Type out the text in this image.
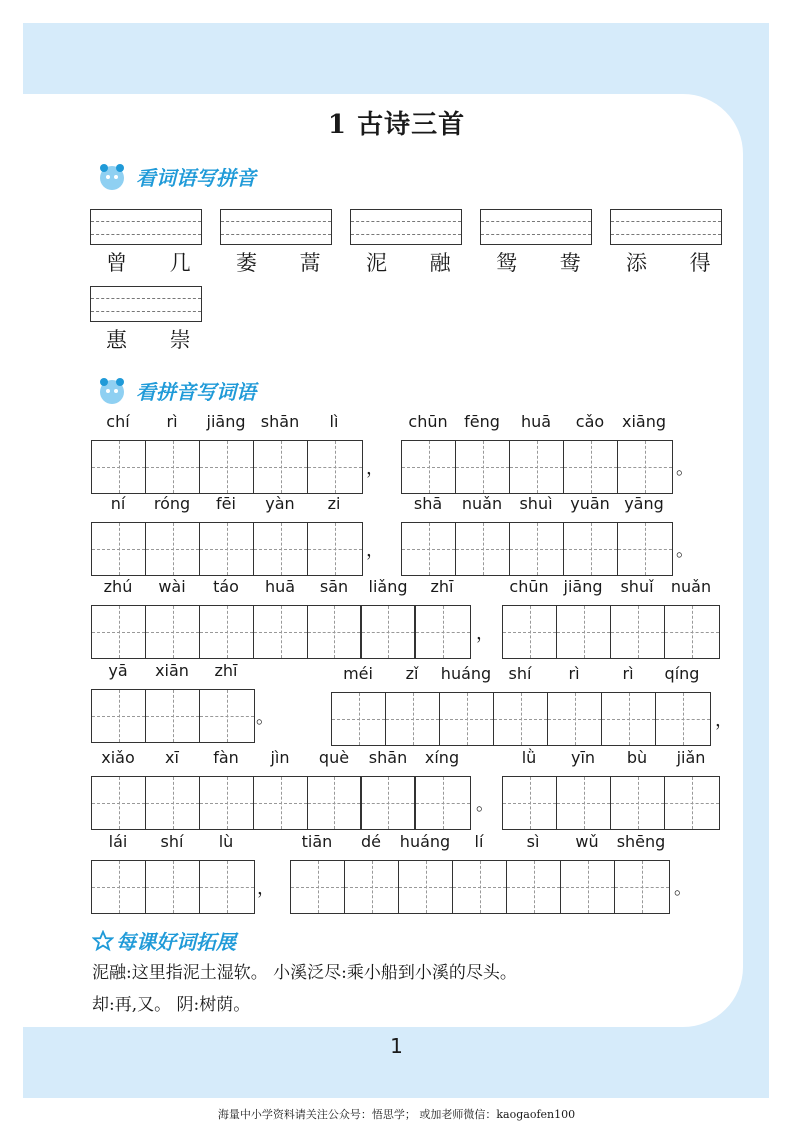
1 古诗三首
看词语写拼音
曾 几 萎 蒿 泥 融 鸳 鸯 添 得
惠 崇
看拼音写词语
chí	rì	jiāng shān	lì
，
chūn	fēng	huā	cǎo	xiāng
。
ní	róng	fēi	yàn	zi
，
shā	nuǎn	shuì	yuān yāng
。
zhú	wài	táo	huā	sān	liǎng	zhī
，
chūn jiāng	shuǐ	nuǎn
yā	xiān	zhī
。
méi	zǐ	huáng	shí	rì	rì	qíng
，
xiǎo	xī	fàn	jìn	què	shān	xíng
。
lǜ	yīn	bù	jiǎn
lái	shí	lù
，
tiān	dé	huáng	lí	sì	wǔ	shēng
。
每课好词拓展
泥融:这里指泥土湿软。 小溪泛尽:乘小船到小溪的尽头。
却:再,又。 阴:树荫。
1
海量中小学资料请关注公众号：悟思学； 或加老师微信：kaogaofen100
